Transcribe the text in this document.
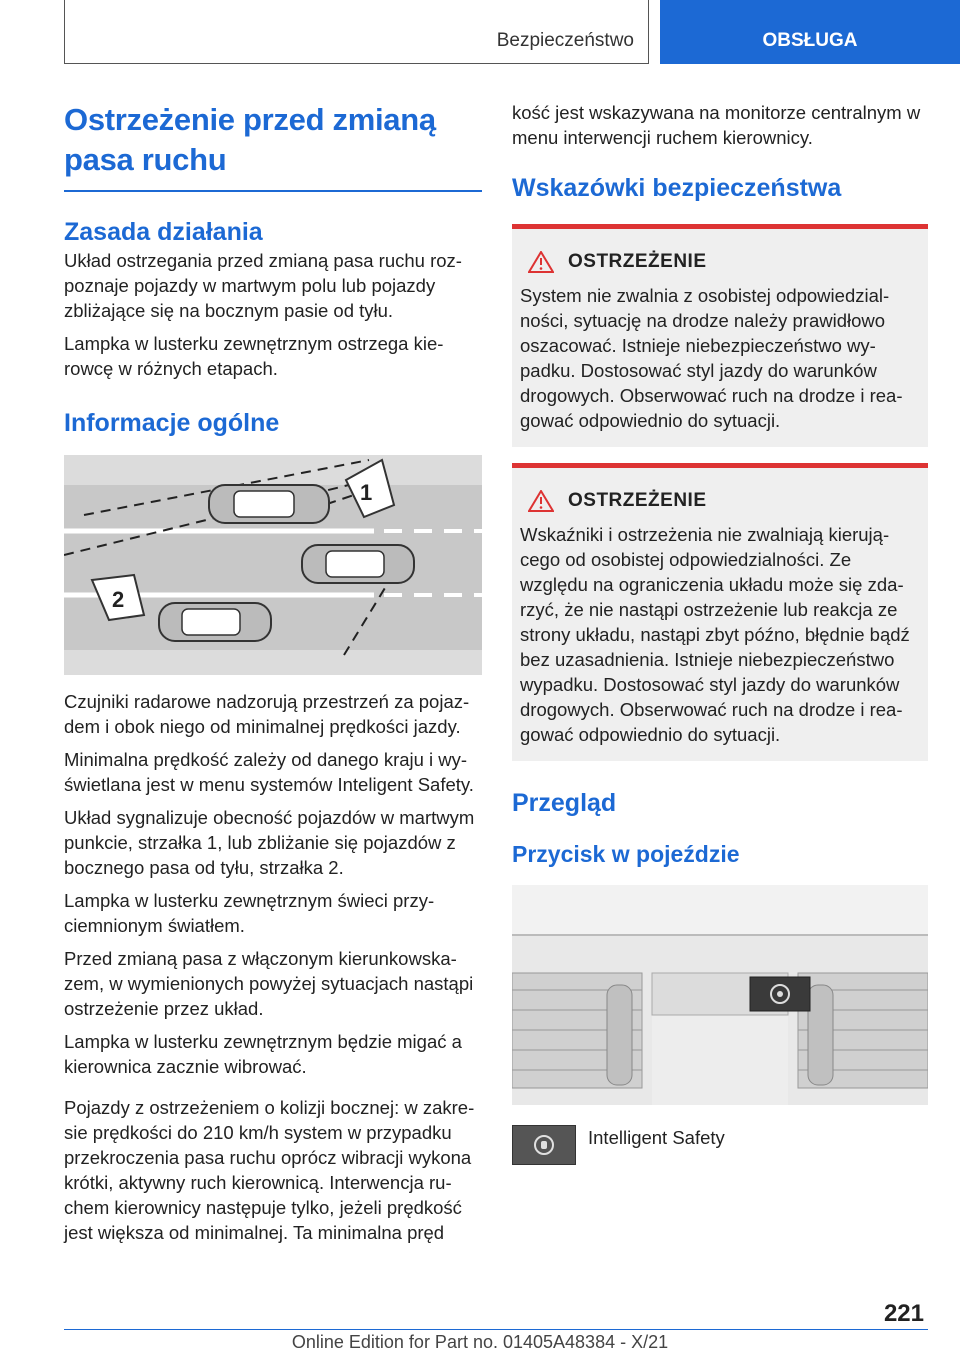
Bezpieczeństwo	OBSŁUGA
Ostrzeżenie przed zmianą pasa ruchu
Zasada działania

Układ ostrzegania przed zmianą pasa ruchu rozpoznaje pojazdy w martwym polu lub pojazdy zbliżające się na bocznym pasie od tyłu.

Lampka w lusterku zewnętrznym ostrzega kierowcę w różnych etapach.

Informacje ogólne
1
2

Czujniki radarowe nadzorują przestrzeń za pojazdem i obok niego od minimalnej prędkości jazdy.

Minimalna prędkość zależy od danego kraju i wyświetlana jest w menu systemów Inteligent Safety.

Układ sygnalizuje obecność pojazdów w martwym punkcie, strzałka 1, lub zbliżanie się pojazdów z bocznego pasa od tyłu, strzałka 2.

Lampka w lusterku zewnętrznym świeci przyciemnionym światłem.

Przed zmianą pasa z włączonym kierunkowskazem, w wymienionych powyżej sytuacjach nastąpi ostrzeżenie przez układ.

Lampka w lusterku zewnętrznym będzie migać a kierownica zacznie wibrować.

Pojazdy z ostrzeżeniem o kolizji bocznej: w zakresie prędkości do 210 km/h system w przypadku przekroczenia pasa ruchu oprócz wibracji wykona krótki, aktywny ruch kierownicą. Interwencja ruchem kierownicy następuje tylko, jeżeli prędkość jest większa od minimalnej. Ta minimalna pręd

kość jest wskazywana na monitorze centralnym w menu interwencji ruchem kierownicy.

Wskazówki bezpieczeństwa
OSTRZEŻENIE

System nie zwalnia z osobistej odpowiedzialności, sytuację na drodze należy prawidłowo oszacować. Istnieje niebezpieczeństwo wypadku. Dostosować styl jazdy do warunków drogowych. Obserwować ruch na drodze i reagować odpowiednio do sytuacji.

OSTRZEŻENIE

Wskaźniki i ostrzeżenia nie zwalniają kierującego od osobistej odpowiedzialności. Ze względu na ograniczenia układu może się zdarzyć, że nie nastąpi ostrzeżenie lub reakcja ze strony układu, nastąpi zbyt późno, błędnie bądź bez uzasadnienia. Istnieje niebezpieczeństwo wypadku. Dostosować styl jazdy do warunków drogowych. Obserwować ruch na drodze i reagować odpowiednio do sytuacji.

Przegląd
Przycisk w pojeździe
Intelligent Safety
221
Online Edition for Part no. 01405A48384 - X/21
